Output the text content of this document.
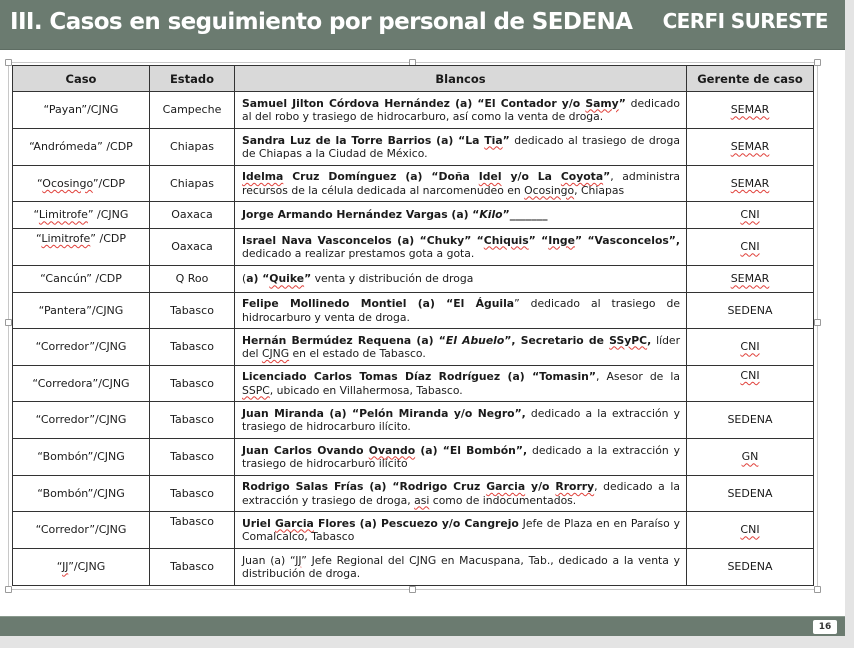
III. Casos en seguimiento por personal de SEDENA CERFI SURESTE
Caso	Estado	Blancos	Gerente de caso
“Payan”/CJNG	Campeche	Samuel Jilton Córdova Hernández (a) “El Contador y/o Samy” dedicado al del robo y trasiego de hidrocarburo, así como la venta de droga.	SEMAR
“Andrómeda” /CDP	Chiapas	Sandra Luz de la Torre Barrios (a) “La Tia” dedicado al trasiego de droga de Chiapas a la Ciudad de México.	SEMAR
“Ocosingo”/CDP	Chiapas	Idelma Cruz Domínguez (a) “Doña Idel y/o La Coyota”, administra recursos de la célula dedicada al narcomenudeo en Ocosingo, Chiapas	SEMAR
“Limitrofe” /CJNG	Oaxaca	Jorge Armando Hernández Vargas (a) “Kilo”_______	CNI
“Limitrofe” /CDP	Oaxaca	Israel Nava Vasconcelos (a) “Chuky” “Chiquis” “Inge” “Vasconcelos”, dedicado a realizar prestamos gota a gota.	CNI
“Cancún” /CDP	Q Roo	(a) “Quike” venta y distribución de droga	SEMAR
“Pantera”/CJNG	Tabasco	Felipe Mollinedo Montiel (a) “El Águila” dedicado al trasiego de hidrocarburo y venta de droga.	SEDENA
“Corredor”/CJNG	Tabasco	Hernán Bermúdez Requena (a) “El Abuelo”, Secretario de SSyPC, líder del CJNG en el estado de Tabasco.	CNI
“Corredora”/CJNG	Tabasco	Licenciado Carlos Tomas Díaz Rodríguez (a) “Tomasin”, Asesor de la SSPC, ubicado en Villahermosa, Tabasco.	CNI
“Corredor”/CJNG	Tabasco	Juan Miranda (a) “Pelón Miranda y/o Negro”, dedicado a la extracción y trasiego de hidrocarburo ilícito.	SEDENA
“Bombón”/CJNG	Tabasco	Juan Carlos Ovando Ovando (a) “El Bombón”, dedicado a la extracción y trasiego de hidrocarburo ilícito	GN
“Bombón”/CJNG	Tabasco	Rodrigo Salas Frías (a) “Rodrigo Cruz Garcia y/o Rrorry, dedicado a la extracción y trasiego de droga, asi como de indocumentados.	SEDENA
“Corredor”/CJNG	Tabasco	Uriel Garcia Flores (a) Pescuezo y/o Cangrejo Jefe de Plaza en en Paraíso y Comalcalco, Tabasco	CNI
“JJ”/CJNG	Tabasco	Juan (a) “JJ” Jefe Regional del CJNG en Macuspana, Tab., dedicado a la venta y distribución de droga.	SEDENA
16
